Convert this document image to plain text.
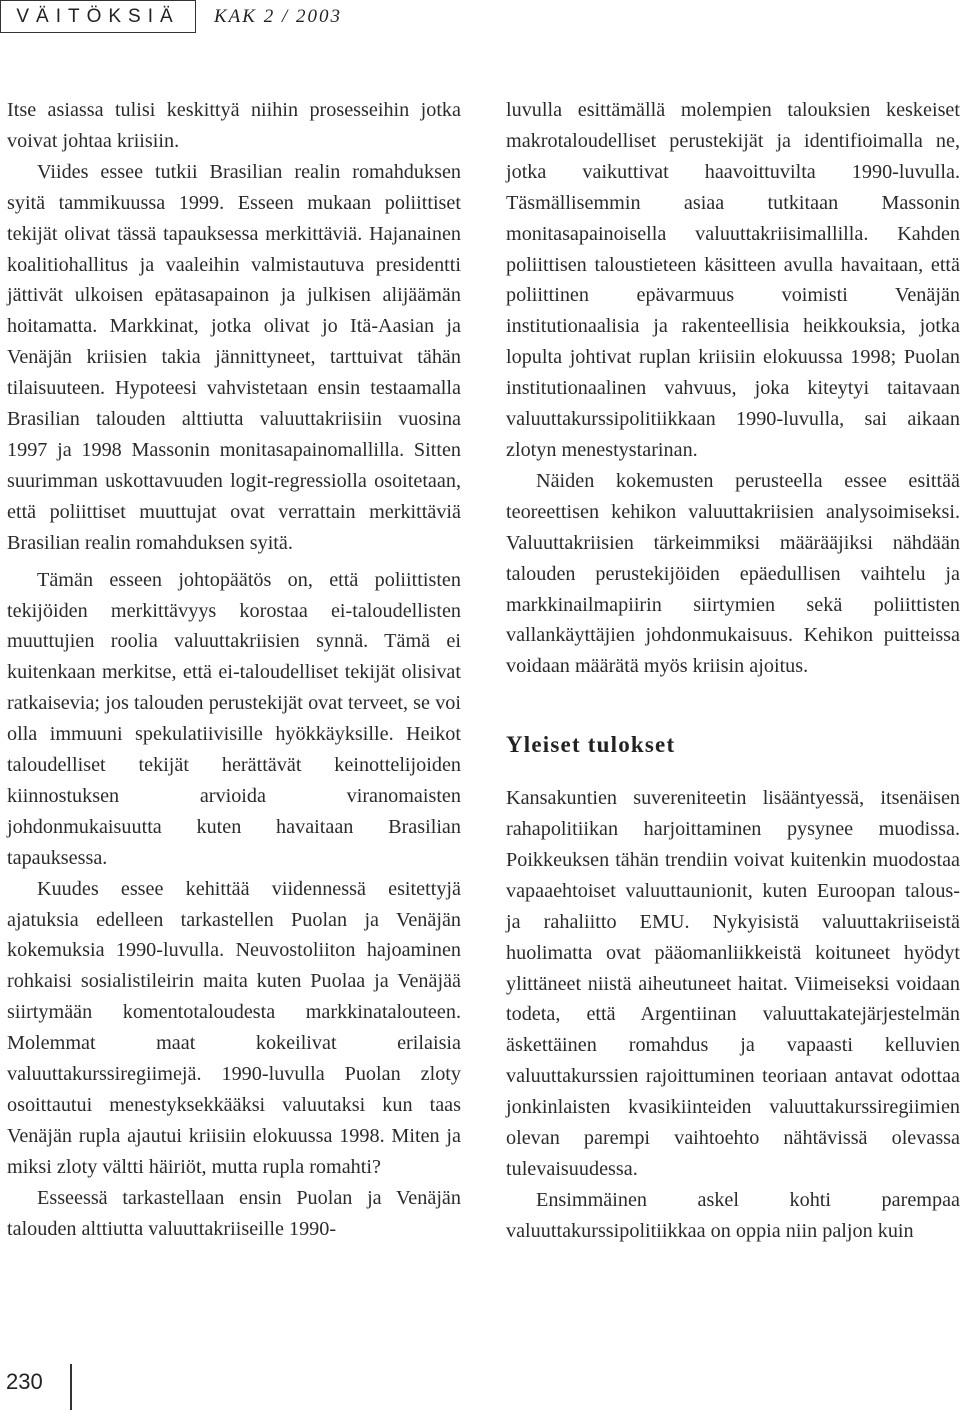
VÄITÖKSIÄ	KAK 2 / 2003

Itse asiassa tulisi keskittyä niihin prosesseihin jotka voivat johtaa kriisiin.

Viides essee tutkii Brasilian realin romahduksen syitä tammikuussa 1999. Esseen mukaan poliittiset tekijät olivat tässä tapauksessa merkittäviä. Hajanainen koalitiohallitus ja vaaleihin valmistautuva presidentti jättivät ulkoisen epätasapainon ja julkisen alijäämän hoitamatta. Markkinat, jotka olivat jo Itä-Aasian ja Venäjän kriisien takia jännittyneet, tarttuivat tähän tilaisuuteen. Hypoteesi vahvistetaan ensin testaamalla Brasilian talouden alttiutta valuuttakriisiin vuosina 1997 ja 1998 Massonin monitasapainomallilla. Sitten suurimman uskottavuuden logit-regressiolla osoitetaan, että poliittiset muuttujat ovat verrattain merkittäviä Brasilian realin romahduksen syitä.

Tämän esseen johtopäätös on, että poliittisten tekijöiden merkittävyys korostaa ei-taloudellisten muuttujien roolia valuuttakriisien synnä. Tämä ei kuitenkaan merkitse, että ei-taloudelliset tekijät olisivat ratkaisevia; jos talouden perustekijät ovat terveet, se voi olla immuuni spekulatiivisille hyökkäyksille. Heikot taloudelliset tekijät herättävät keinottelijoiden kiinnostuksen arvioida viranomaisten johdonmukaisuutta kuten havaitaan Brasilian tapauksessa.

Kuudes essee kehittää viidennessä esitettyjä ajatuksia edelleen tarkastellen Puolan ja Venäjän kokemuksia 1990-luvulla. Neuvostoliiton hajoaminen rohkaisi sosialistileirin maita kuten Puolaa ja Venäjää siirtymään komentotaloudesta markkinatalouteen. Molemmat maat kokeilivat erilaisia valuuttakurssiregiimejä. 1990-luvulla Puolan zloty osoittautui menestyksekkääksi valuutaksi kun taas Venäjän rupla ajautui kriisiin elokuussa 1998. Miten ja miksi zloty vältti häiriöt, mutta rupla romahti?

Esseessä tarkastellaan ensin Puolan ja Venäjän talouden alttiutta valuuttakriiseille 1990-

luvulla esittämällä molempien talouksien keskeiset makrotaloudelliset perustekijät ja identifioimalla ne, jotka vaikuttivat haavoittuvilta 1990-luvulla. Täsmällisemmin asiaa tutkitaan Massonin monitasapainoisella valuuttakriisimallilla. Kahden poliittisen taloustieteen käsitteen avulla havaitaan, että poliittinen epävarmuus voimisti Venäjän institutionaalisia ja rakenteellisia heikkouksia, jotka lopulta johtivat ruplan kriisiin elokuussa 1998; Puolan institutionaalinen vahvuus, joka kiteytyi taitavaan valuuttakurssipolitiikkaan 1990-luvulla, sai aikaan zlotyn menestystarinan.

Näiden kokemusten perusteella essee esittää teoreettisen kehikon valuuttakriisien analysoimiseksi. Valuuttakriisien tärkeimmiksi määrääjiksi nähdään talouden perustekijöiden epäedullisen vaihtelu ja markkinailmapiirin siirtymien sekä poliittisten vallankäyttäjien johdonmukaisuus. Kehikon puitteissa voidaan määrätä myös kriisin ajoitus.

Yleiset tulokset

Kansakuntien suvereniteetin lisääntyessä, itsenäisen rahapolitiikan harjoittaminen pysynee muodissa. Poikkeuksen tähän trendiin voivat kuitenkin muodostaa vapaaehtoiset valuuttaunionit, kuten Euroopan talous- ja rahaliitto EMU. Nykyisistä valuuttakriiseistä huolimatta ovat pääomanliikkeistä koituneet hyödyt ylittäneet niistä aiheutuneet haitat. Viimeiseksi voidaan todeta, että Argentiinan valuuttakatejärjestelmän äskettäinen romahdus ja vapaasti kelluvien valuuttakurssien rajoittuminen teoriaan antavat odottaa jonkinlaisten kvasikiinteiden valuuttakurssiregiimien olevan parempi vaihtoehto nähtävissä olevassa tulevaisuudessa.

Ensimmäinen askel kohti parempaa valuuttakurssipolitiikkaa on oppia niin paljon kuin

230
